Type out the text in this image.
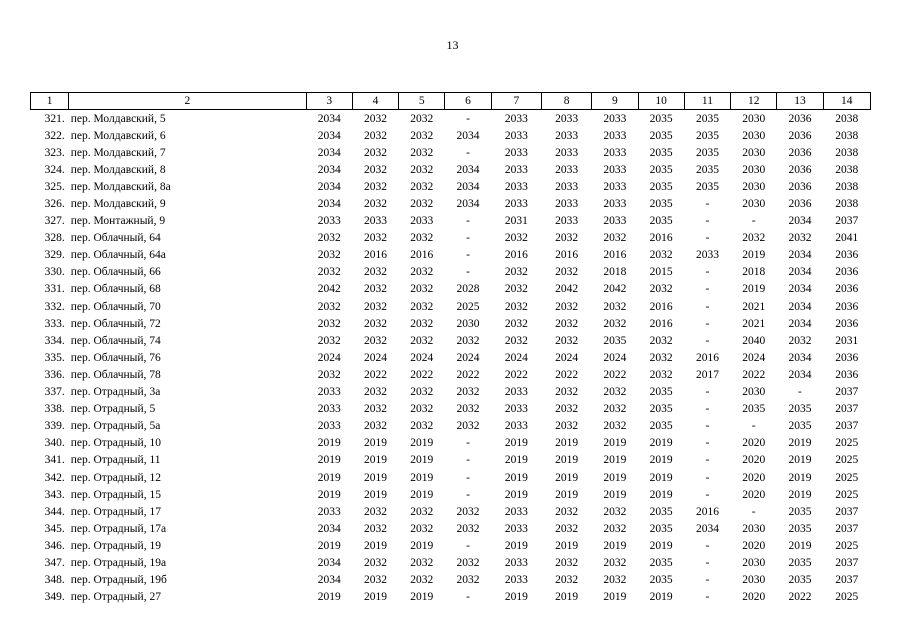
13
1	2	3	4	5	6	7	8	9	10	11	12	13	14
321.	пер. Молдавский, 5	2034	2032	2032	-	2033	2033	2033	2035	2035	2030	2036	2038
322.	пер. Молдавский, 6	2034	2032	2032	2034	2033	2033	2033	2035	2035	2030	2036	2038
323.	пер. Молдавский, 7	2034	2032	2032	-	2033	2033	2033	2035	2035	2030	2036	2038
324.	пер. Молдавский, 8	2034	2032	2032	2034	2033	2033	2033	2035	2035	2030	2036	2038
325.	пер. Молдавский, 8а	2034	2032	2032	2034	2033	2033	2033	2035	2035	2030	2036	2038
326.	пер. Молдавский, 9	2034	2032	2032	2034	2033	2033	2033	2035	-	2030	2036	2038
327.	пер. Монтажный, 9	2033	2033	2033	-	2031	2033	2033	2035	-	-	2034	2037
328.	пер. Облачный, 64	2032	2032	2032	-	2032	2032	2032	2016	-	2032	2032	2041
329.	пер. Облачный, 64а	2032	2016	2016	-	2016	2016	2016	2032	2033	2019	2034	2036
330.	пер. Облачный, 66	2032	2032	2032	-	2032	2032	2018	2015	-	2018	2034	2036
331.	пер. Облачный, 68	2042	2032	2032	2028	2032	2042	2042	2032	-	2019	2034	2036
332.	пер. Облачный, 70	2032	2032	2032	2025	2032	2032	2032	2016	-	2021	2034	2036
333.	пер. Облачный, 72	2032	2032	2032	2030	2032	2032	2032	2016	-	2021	2034	2036
334.	пер. Облачный, 74	2032	2032	2032	2032	2032	2032	2035	2032	-	2040	2032	2031
335.	пер. Облачный, 76	2024	2024	2024	2024	2024	2024	2024	2032	2016	2024	2034	2036
336.	пер. Облачный, 78	2032	2022	2022	2022	2022	2022	2022	2032	2017	2022	2034	2036
337.	пер. Отрадный, 3а	2033	2032	2032	2032	2033	2032	2032	2035	-	2030	-	2037
338.	пер. Отрадный, 5	2033	2032	2032	2032	2033	2032	2032	2035	-	2035	2035	2037
339.	пер. Отрадный, 5а	2033	2032	2032	2032	2033	2032	2032	2035	-	-	2035	2037
340.	пер. Отрадный, 10	2019	2019	2019	-	2019	2019	2019	2019	-	2020	2019	2025
341.	пер. Отрадный, 11	2019	2019	2019	-	2019	2019	2019	2019	-	2020	2019	2025
342.	пер. Отрадный, 12	2019	2019	2019	-	2019	2019	2019	2019	-	2020	2019	2025
343.	пер. Отрадный, 15	2019	2019	2019	-	2019	2019	2019	2019	-	2020	2019	2025
344.	пер. Отрадный, 17	2033	2032	2032	2032	2033	2032	2032	2035	2016	-	2035	2037
345.	пер. Отрадный, 17а	2034	2032	2032	2032	2033	2032	2032	2035	2034	2030	2035	2037
346.	пер. Отрадный, 19	2019	2019	2019	-	2019	2019	2019	2019	-	2020	2019	2025
347.	пер. Отрадный, 19а	2034	2032	2032	2032	2033	2032	2032	2035	-	2030	2035	2037
348.	пер. Отрадный, 19б	2034	2032	2032	2032	2033	2032	2032	2035	-	2030	2035	2037
349.	пер. Отрадный, 27	2019	2019	2019	-	2019	2019	2019	2019	-	2020	2022	2025
